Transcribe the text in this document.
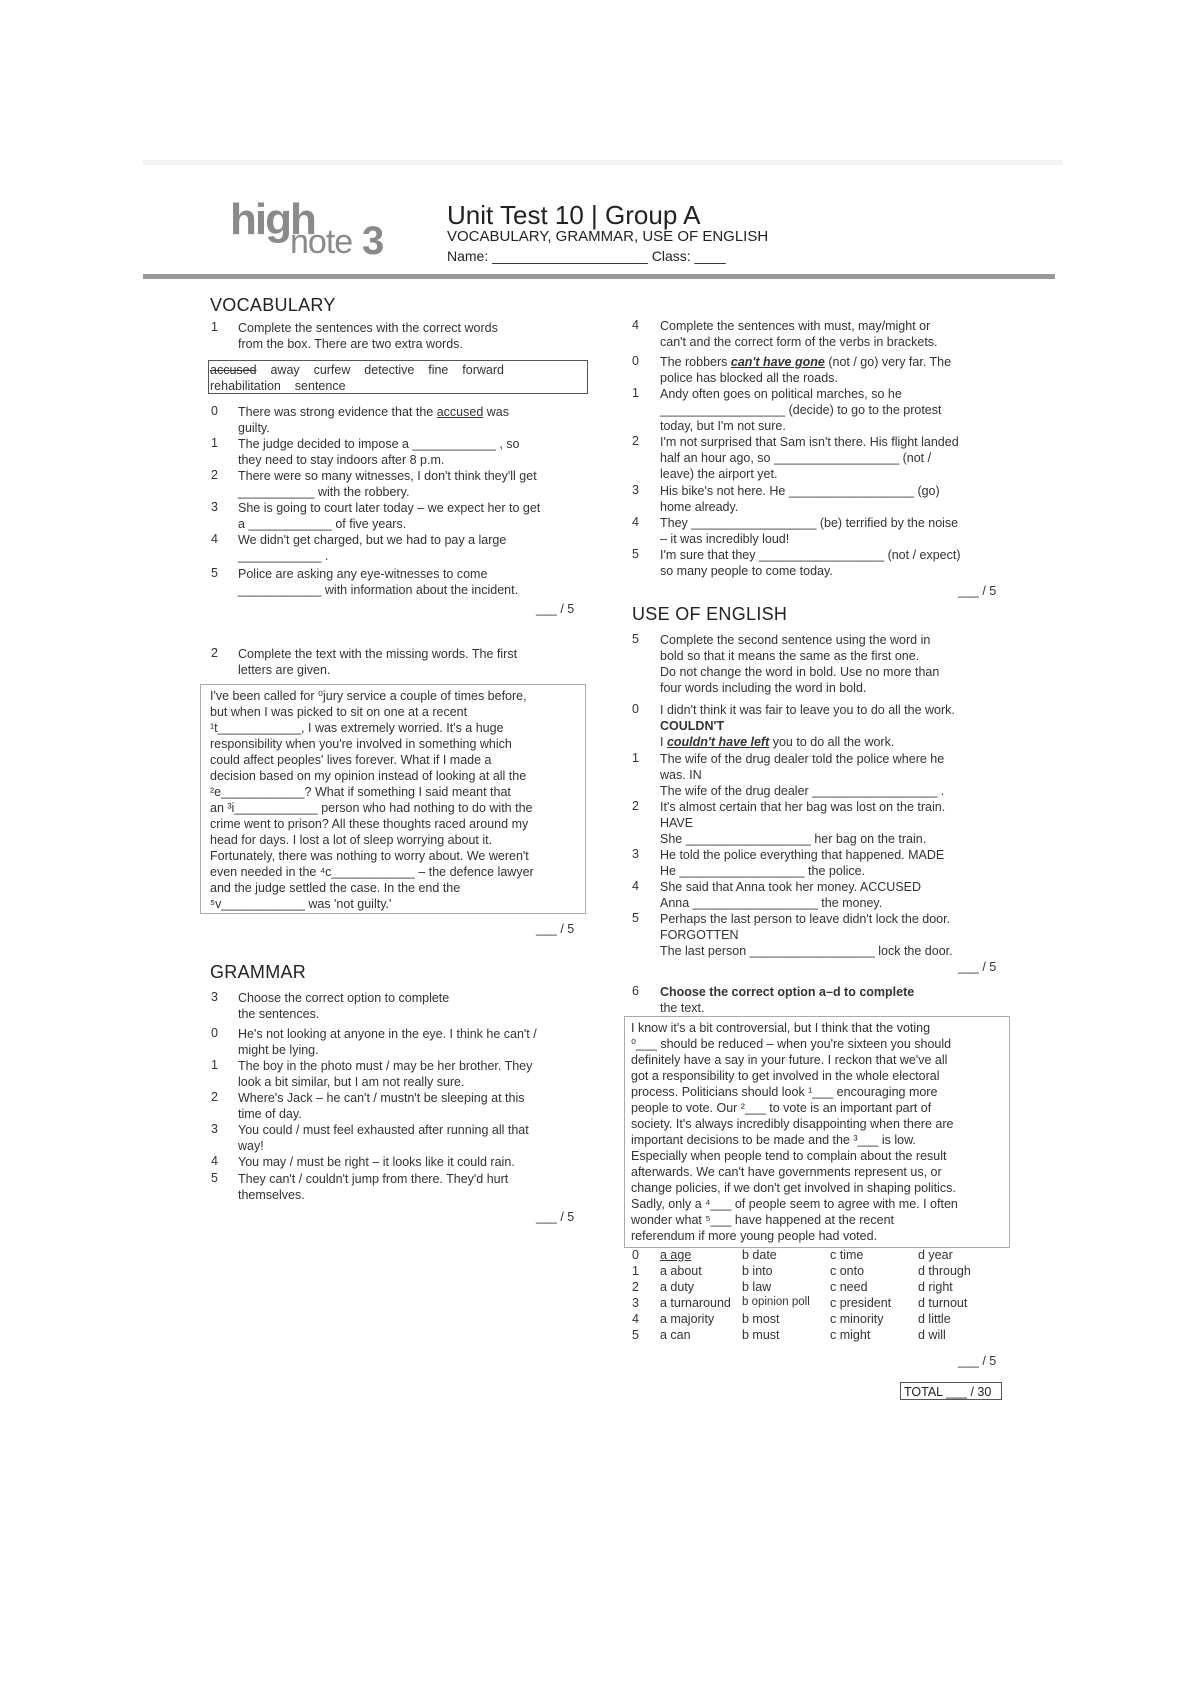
high
note 3
Unit Test 10 | Group A
VOCABULARY, GRAMMAR, USE OF ENGLISH
Name: ____________________ Class: ____
VOCABULARY
1 Complete the sentences with the correct words
from the box. There are two extra words.
accused away curfew detective fine forward
rehabilitation sentence
0 There was strong evidence that the accused was
guilty.
1 The judge decided to impose a ____________ , so
they need to stay indoors after 8 p.m.
2 There were so many witnesses, I don't think they'll get
___________ with the robbery.
3 She is going to court later today – we expect her to get
a ____________ of five years.
4 We didn't get charged, but we had to pay a large
____________ .
5 Police are asking any eye-witnesses to come
____________ with information about the incident.
___ / 5
2 Complete the text with the missing words. The first
letters are given.
I've been called for ⁰jury service a couple of times before,
but when I was picked to sit on one at a recent
¹t____________, I was extremely worried. It's a huge
responsibility when you're involved in something which
could affect peoples' lives forever. What if I made a
decision based on my opinion instead of looking at all the
²e____________? What if something I said meant that
an ³i____________ person who had nothing to do with the
crime went to prison? All these thoughts raced around my
head for days. I lost a lot of sleep worrying about it.
Fortunately, there was nothing to worry about. We weren't
even needed in the ⁴c____________ – the defence lawyer
and the judge settled the case. In the end the
⁵v____________ was 'not guilty.'
___ / 5
GRAMMAR
3 Choose the correct option to complete
the sentences.
0 He's not looking at anyone in the eye. I think he can't /
might be lying.
1 The boy in the photo must / may be her brother. They
look a bit similar, but I am not really sure.
2 Where's Jack – he can't / mustn't be sleeping at this
time of day.
3 You could / must feel exhausted after running all that
way!
4 You may / must be right – it looks like it could rain.
5 They can't / couldn't jump from there. They'd hurt
themselves.
___ / 5
4 Complete the sentences with must, may/might or
can't and the correct form of the verbs in brackets.
0 The robbers can't have gone (not / go) very far. The
police has blocked all the roads.
1 Andy often goes on political marches, so he
__________________ (decide) to go to the protest
today, but I'm not sure.
2 I'm not surprised that Sam isn't there. His flight landed
half an hour ago, so __________________ (not /
leave) the airport yet.
3 His bike's not here. He __________________ (go)
home already.
4 They __________________ (be) terrified by the noise
– it was incredibly loud!
5 I'm sure that they __________________ (not / expect)
so many people to come today.
___ / 5
USE OF ENGLISH
5 Complete the second sentence using the word in
bold so that it means the same as the first one.
Do not change the word in bold. Use no more than
four words including the word in bold.
0 I didn't think it was fair to leave you to do all the work.
COULDN'T
I couldn't have left you to do all the work.
1 The wife of the drug dealer told the police where he
was. IN
The wife of the drug dealer __________________ .
2 It's almost certain that her bag was lost on the train.
HAVE
She __________________ her bag on the train.
3 He told the police everything that happened. MADE
He __________________ the police.
4 She said that Anna took her money. ACCUSED
Anna __________________ the money.
5 Perhaps the last person to leave didn't lock the door.
FORGOTTEN
The last person __________________ lock the door.
___ / 5
6 Choose the correct option a–d to complete
the text.
I know it's a bit controversial, but I think that the voting
⁰___ should be reduced – when you're sixteen you should
definitely have a say in your future. I reckon that we've all
got a responsibility to get involved in the whole electoral
process. Politicians should look ¹___ encouraging more
people to vote. Our ²___ to vote is an important part of
society. It's always incredibly disappointing when there are
important decisions to be made and the ³___ is low.
Especially when people tend to complain about the result
afterwards. We can't have governments represent us, or
change policies, if we don't get involved in shaping politics.
Sadly, only a ⁴___ of people seem to agree with me. I often
wonder what ⁵___ have happened at the recent
referendum if more young people had voted.
0 a age	b date	c time	d year
1 a about	b into	c onto	d through
2 a duty	b law	c need	d right
3 a turnaround b opinion poll c president d turnout
4 a majority b most	c minority	d little
5 a can	b must	c might	d will
___ / 5
TOTAL ___ / 30
